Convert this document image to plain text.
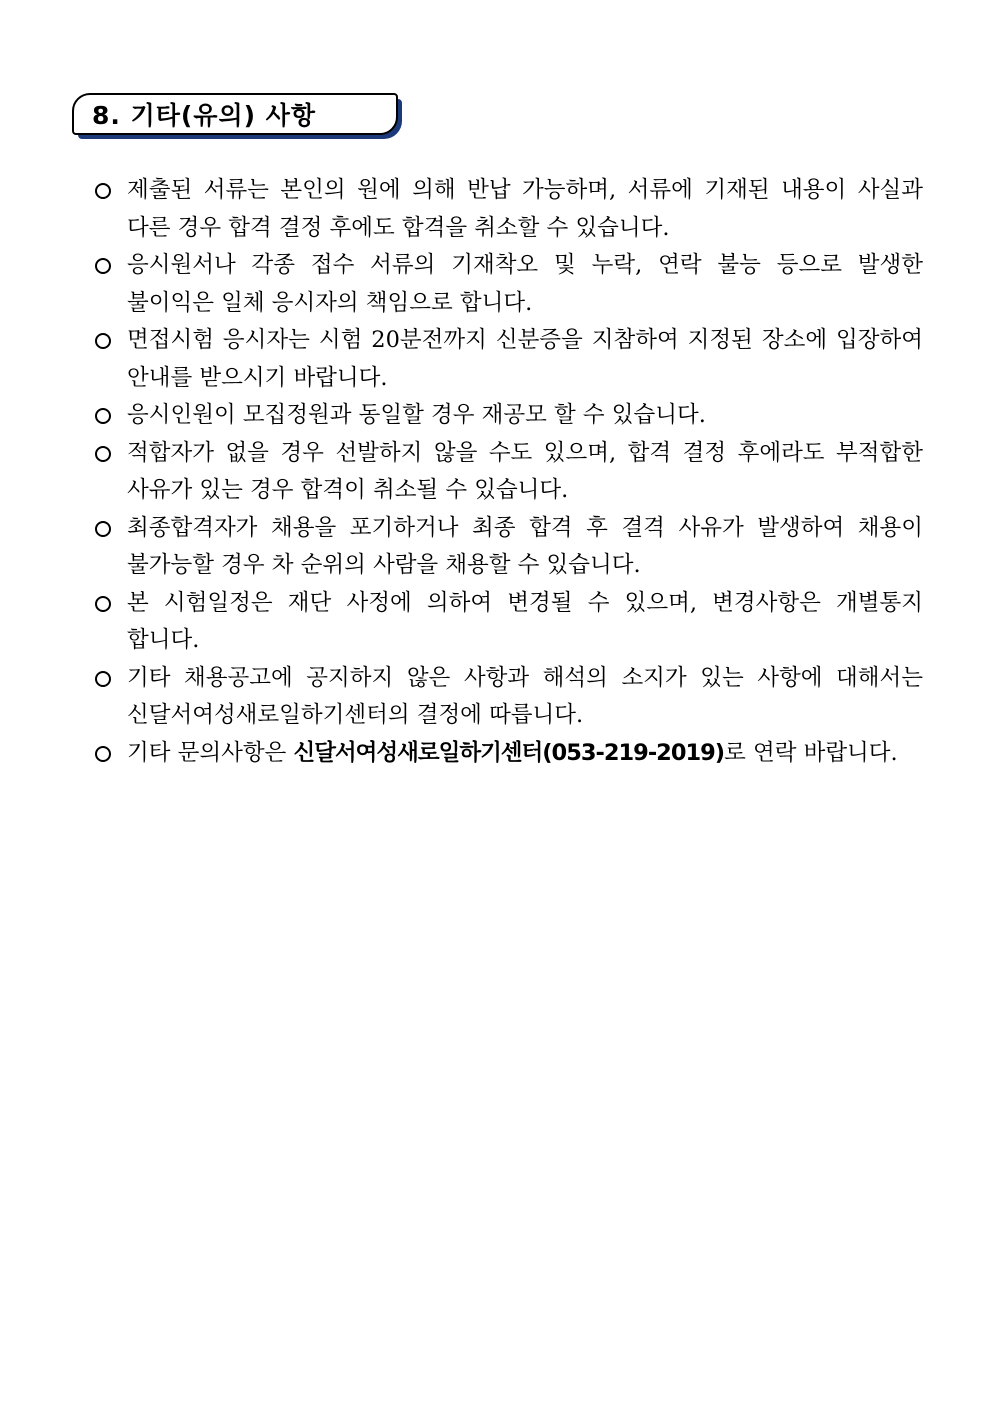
8. 기타(유의) 사항
제출된 서류는 본인의 원에 의해 반납 가능하며, 서류에 기재된 내용이 사실과 다른 경우 합격 결정 후에도 합격을 취소할 수 있습니다.
응시원서나 각종 접수 서류의 기재착오 및 누락, 연락 불능 등으로 발생한 불이익은 일체 응시자의 책임으로 합니다.
면접시험 응시자는 시험 20분전까지 신분증을 지참하여 지정된 장소에 입장하여 안내를 받으시기 바랍니다.
응시인원이 모집정원과 동일할 경우 재공모 할 수 있습니다.
적합자가 없을 경우 선발하지 않을 수도 있으며, 합격 결정 후에라도 부적합한 사유가 있는 경우 합격이 취소될 수 있습니다.
최종합격자가 채용을 포기하거나 최종 합격 후 결격 사유가 발생하여 채용이 불가능할 경우 차 순위의 사람을 채용할 수 있습니다.
본 시험일정은 재단 사정에 의하여 변경될 수 있으며, 변경사항은 개별통지 합니다.
기타 채용공고에 공지하지 않은 사항과 해석의 소지가 있는 사항에 대해서는 신달서여성새로일하기센터의 결정에 따릅니다.
기타 문의사항은 신달서여성새로일하기센터(053-219-2019)로 연락 바랍니다.
